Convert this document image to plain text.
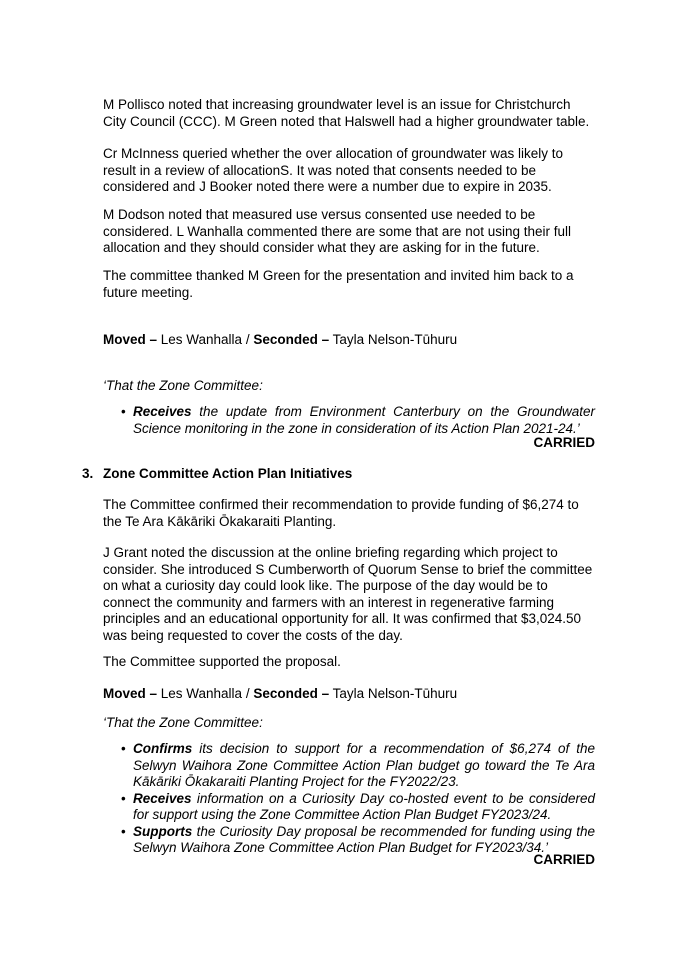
M Pollisco noted that increasing groundwater level is an issue for Christchurch City Council (CCC). M Green noted that Halswell had a higher groundwater table.

Cr McInness queried whether the over allocation of groundwater was likely to result in a review of allocationS. It was noted that consents needed to be considered and J Booker noted there were a number due to expire in 2035.

M Dodson noted that measured use versus consented use needed to be considered. L Wanhalla commented there are some that are not using their full allocation and they should consider what they are asking for in the future.

The committee thanked M Green for the presentation and invited him back to a future meeting.

Moved – Les Wanhalla / Seconded – Tayla Nelson-Tūhuru

‘That the Zone Committee:

• Receives the update from Environment Canterbury on the Groundwater Science monitoring in the zone in consideration of its Action Plan 2021-24.’

CARRIED

3. Zone Committee Action Plan Initiatives

The Committee confirmed their recommendation to provide funding of $6,274 to the Te Ara Kākāriki Ōkakaraiti Planting.

J Grant noted the discussion at the online briefing regarding which project to consider. She introduced S Cumberworth of Quorum Sense to brief the committee on what a curiosity day could look like. The purpose of the day would be to connect the community and farmers with an interest in regenerative farming principles and an educational opportunity for all. It was confirmed that $3,024.50 was being requested to cover the costs of the day.

The Committee supported the proposal.

Moved – Les Wanhalla / Seconded – Tayla Nelson-Tūhuru

‘That the Zone Committee:

• Confirms its decision to support for a recommendation of $6,274 of the Selwyn Waihora Zone Committee Action Plan budget go toward the Te Ara Kākāriki Ōkakaraiti Planting Project for the FY2022/23.
• Receives information on a Curiosity Day co-hosted event to be considered for support using the Zone Committee Action Plan Budget FY2023/24.
• Supports the Curiosity Day proposal be recommended for funding using the Selwyn Waihora Zone Committee Action Plan Budget for FY2023/34.’

CARRIED
